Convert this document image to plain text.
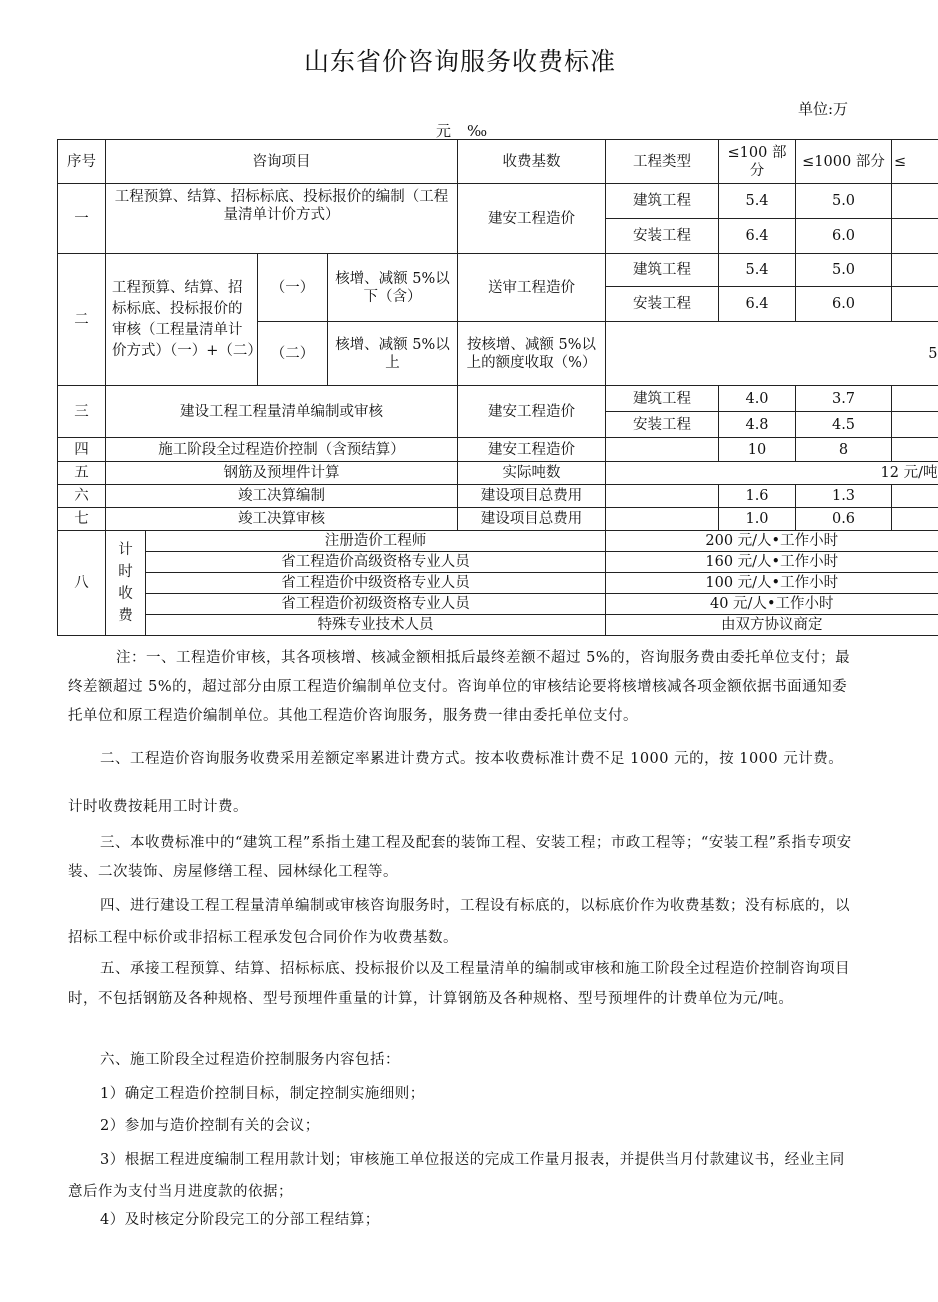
山东省价咨询服务收费标准
单位:万
元 ‰
序号	咨询项目				收费基数	工程类型	≤100 部分	≤1000 部分	≤
一	工程预算、结算、招标标底、投标报价的编制（工程量清单计价方式）				建安工程造价	建筑工程	5.4	5.0	
						安装工程	6.4	6.0	
二	工程预算、结算、招标标底、投标报价的审核（工程量清单计价方式）（一）+（二）		（一）	核增、减额 5%以下（含）	送审工程造价	建筑工程	5.4	5.0	
						安装工程	6.4	6.0	
			（二）	核增、减额 5%以上	按核增、减额 5%以上的额度收取（%）	5			
三	建设工程工程量清单编制或审核				建安工程造价	建筑工程	4.0	3.7	
						安装工程	4.8	4.5	
四	施工阶段全过程造价控制（含预结算）				建安工程造价		10	8	
五	钢筋及预埋件计算				实际吨数	12 元/吨			
六	竣工决算编制				建设项目总费用		1.6	1.3	
七	竣工决算审核				建设项目总费用		1.0	0.6	
八	计时收费	注册造价工程师				200 元/人•工作小时			
		省工程造价高级资格专业人员				160 元/人•工作小时			
		省工程造价中级资格专业人员				100 元/人•工作小时			
		省工程造价初级资格专业人员				40 元/人•工作小时			
		特殊专业技术人员				由双方协议商定			

注：一、工程造价审核，其各项核增、核减金额相抵后最终差额不超过 5%的，咨询服务费由委托单位支付；最终差额超过 5%的，超过部分由原工程造价编制单位支付。咨询单位的审核结论要将核增核减各项金额依据书面通知委托单位和原工程造价编制单位。其他工程造价咨询服务，服务费一律由委托单位支付。

二、工程造价咨询服务收费采用差额定率累进计费方式。按本收费标准计费不足 1000 元的，按 1000 元计费。计时收费按耗用工时计费。

三、本收费标准中的“建筑工程”系指土建工程及配套的装饰工程、安装工程；市政工程等；“安装工程”系指专项安装、二次装饰、房屋修缮工程、园林绿化工程等。

四、进行建设工程工程量清单编制或审核咨询服务时，工程设有标底的，以标底价作为收费基数；没有标底的，以招标工程中标价或非招标工程承发包合同价作为收费基数。

五、承接工程预算、结算、招标标底、投标报价以及工程量清单的编制或审核和施工阶段全过程造价控制咨询项目时，不包括钢筋及各种规格、型号预埋件重量的计算，计算钢筋及各种规格、型号预埋件的计费单位为元/吨。

六、施工阶段全过程造价控制服务内容包括：

1）确定工程造价控制目标，制定控制实施细则；

2）参加与造价控制有关的会议；

3）根据工程进度编制工程用款计划；审核施工单位报送的完成工作量月报表，并提供当月付款建议书，经业主同意后作为支付当月进度款的依据；

4）及时核定分阶段完工的分部工程结算；
